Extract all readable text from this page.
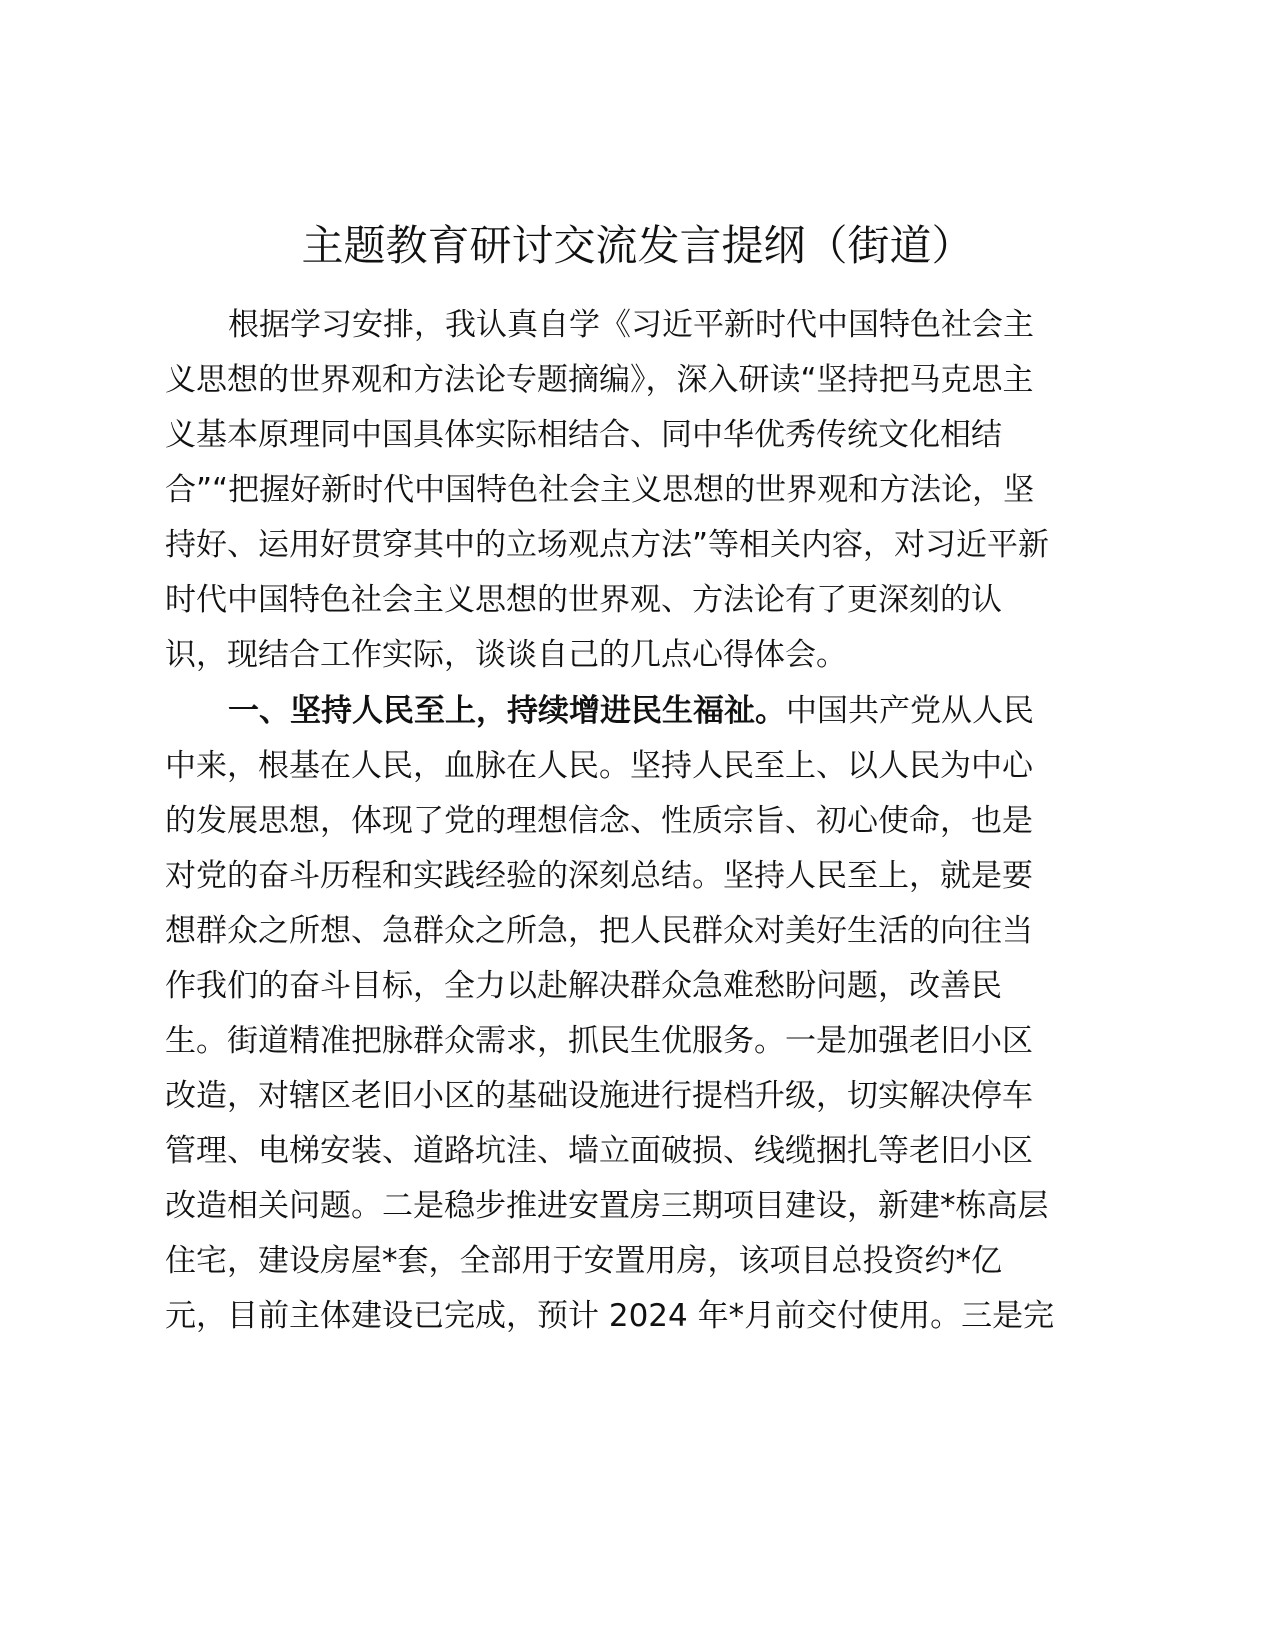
主题教育研讨交流发言提纲（街道）
根据学习安排，我认真自学《习近平新时代中国特色社会主
义思想的世界观和方法论专题摘编》，深入研读“坚持把马克思主
义基本原理同中国具体实际相结合、同中华优秀传统文化相结
合”“把握好新时代中国特色社会主义思想的世界观和方法论，坚
持好、运用好贯穿其中的立场观点方法”等相关内容，对习近平新
时代中国特色社会主义思想的世界观、方法论有了更深刻的认
识，现结合工作实际，谈谈自己的几点心得体会。
一、坚持人民至上，持续增进民生福祉。中国共产党从人民
中来，根基在人民，血脉在人民。坚持人民至上、以人民为中心
的发展思想，体现了党的理想信念、性质宗旨、初心使命，也是
对党的奋斗历程和实践经验的深刻总结。坚持人民至上，就是要
想群众之所想、急群众之所急，把人民群众对美好生活的向往当
作我们的奋斗目标，全力以赴解决群众急难愁盼问题，改善民
生。街道精准把脉群众需求，抓民生优服务。一是加强老旧小区
改造，对辖区老旧小区的基础设施进行提档升级，切实解决停车
管理、电梯安装、道路坑洼、墙立面破损、线缆捆扎等老旧小区
改造相关问题。二是稳步推进安置房三期项目建设，新建*栋高层
住宅，建设房屋*套，全部用于安置用房，该项目总投资约*亿
元，目前主体建设已完成，预计 2024 年*月前交付使用。三是完
